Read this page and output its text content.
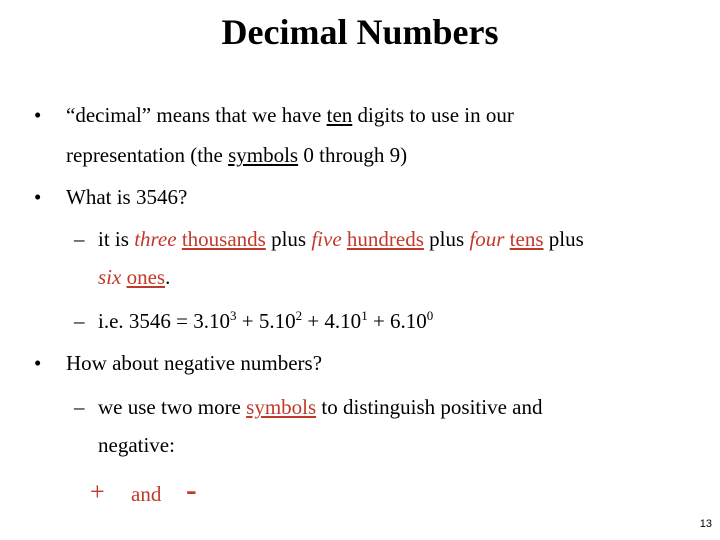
Decimal Numbers
• “decimal” means that we have ten digits to use in our
representation (the symbols 0 through 9)
• What is 3546?
– it is three thousands plus five hundreds plus four tens plus
six ones.
– i.e. $3546 = 3.10^3 + 5.10^2 + 4.10^1 + 6.10^0$
• How about negative numbers?
– we use two more symbols to distinguish positive and
negative:
+ and -
13
